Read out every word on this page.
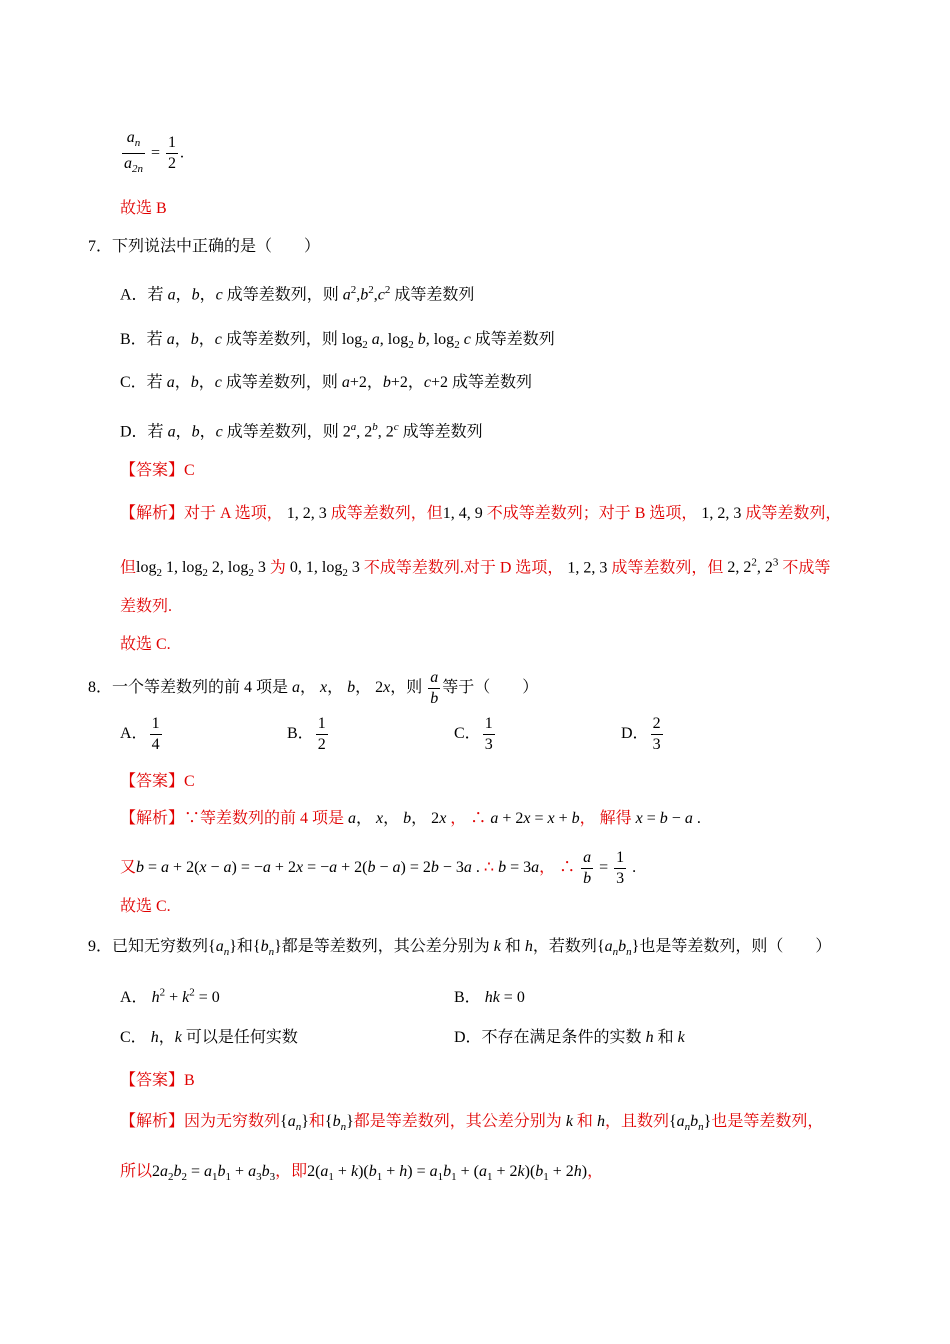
$\frac{a_n}{a_{2n}} = \frac{1}{2}$ .
故选 B
7．下列说法中正确的是（　　）
A．若 a，b，c 成等差数列，则 $a^2,b^2,c^2$ 成等差数列
B．若 a，b，c 成等差数列，则 $\log_2 a$, $\log_2 b$, $\log_2 c$ 成等差数列
C．若 a，b，c 成等差数列，则 a+2，b+2，c+2 成等差数列
D．若 a，b，c 成等差数列，则 2$^a$, 2$^b$, 2$^c$ 成等差数列
【答案】C
【解析】对于 A 选项， 1, 2, 3 成等差数列，但1, 4, 9 不成等差数列；对于 B 选项， 1, 2, 3 成等差数列，
但$\log_2 1$, $\log_2 2$, $\log_2 3$ 为 0, 1, $\log_2 3$ 不成等差数列.对于 D 选项， 1, 2, 3 成等差数列，但 2, $2^2$, $2^3$ 不成等
差数列.
故选 C.
8．一个等差数列的前 4 项是 a， x， b， 2x，则 $\frac{a}{b}$ 等于（　　）
A． $\frac{1}{4}$	B． $\frac{1}{2}$	C． $\frac{1}{3}$	D． $\frac{2}{3}$
【答案】C
【解析】∵等差数列的前 4 项是 a， x， b， 2x ， ∴ a + 2x = x + b， 解得 x = b − a .
又b = a + 2(x − a) = −a + 2x = −a + 2(b − a) = 2b − 3a . ∴ b = 3a， ∴ $\frac{a}{b} = \frac{1}{3}$ .
故选 C.
9．已知无穷数列$\{a_n\}$和$\{b_n\}$都是等差数列，其公差分别为 k 和 h，若数列$\{a_nb_n\}$也是等差数列，则（　　）
A． $h^2 + k^2 = 0$	B． hk = 0
C． h，k 可以是任何实数	D．不存在满足条件的实数 h 和 k
【答案】B
【解析】因为无穷数列$\{a_n\}$和$\{b_n\}$都是等差数列，其公差分别为 k 和 h，且数列$\{a_nb_n\}$也是等差数列，
所以$2a_2b_2 = a_1b_1 + a_3b_3$，即$2(a_1 + k)(b_1 + h) = a_1b_1 + (a_1 + 2k)(b_1 + 2h)$，
